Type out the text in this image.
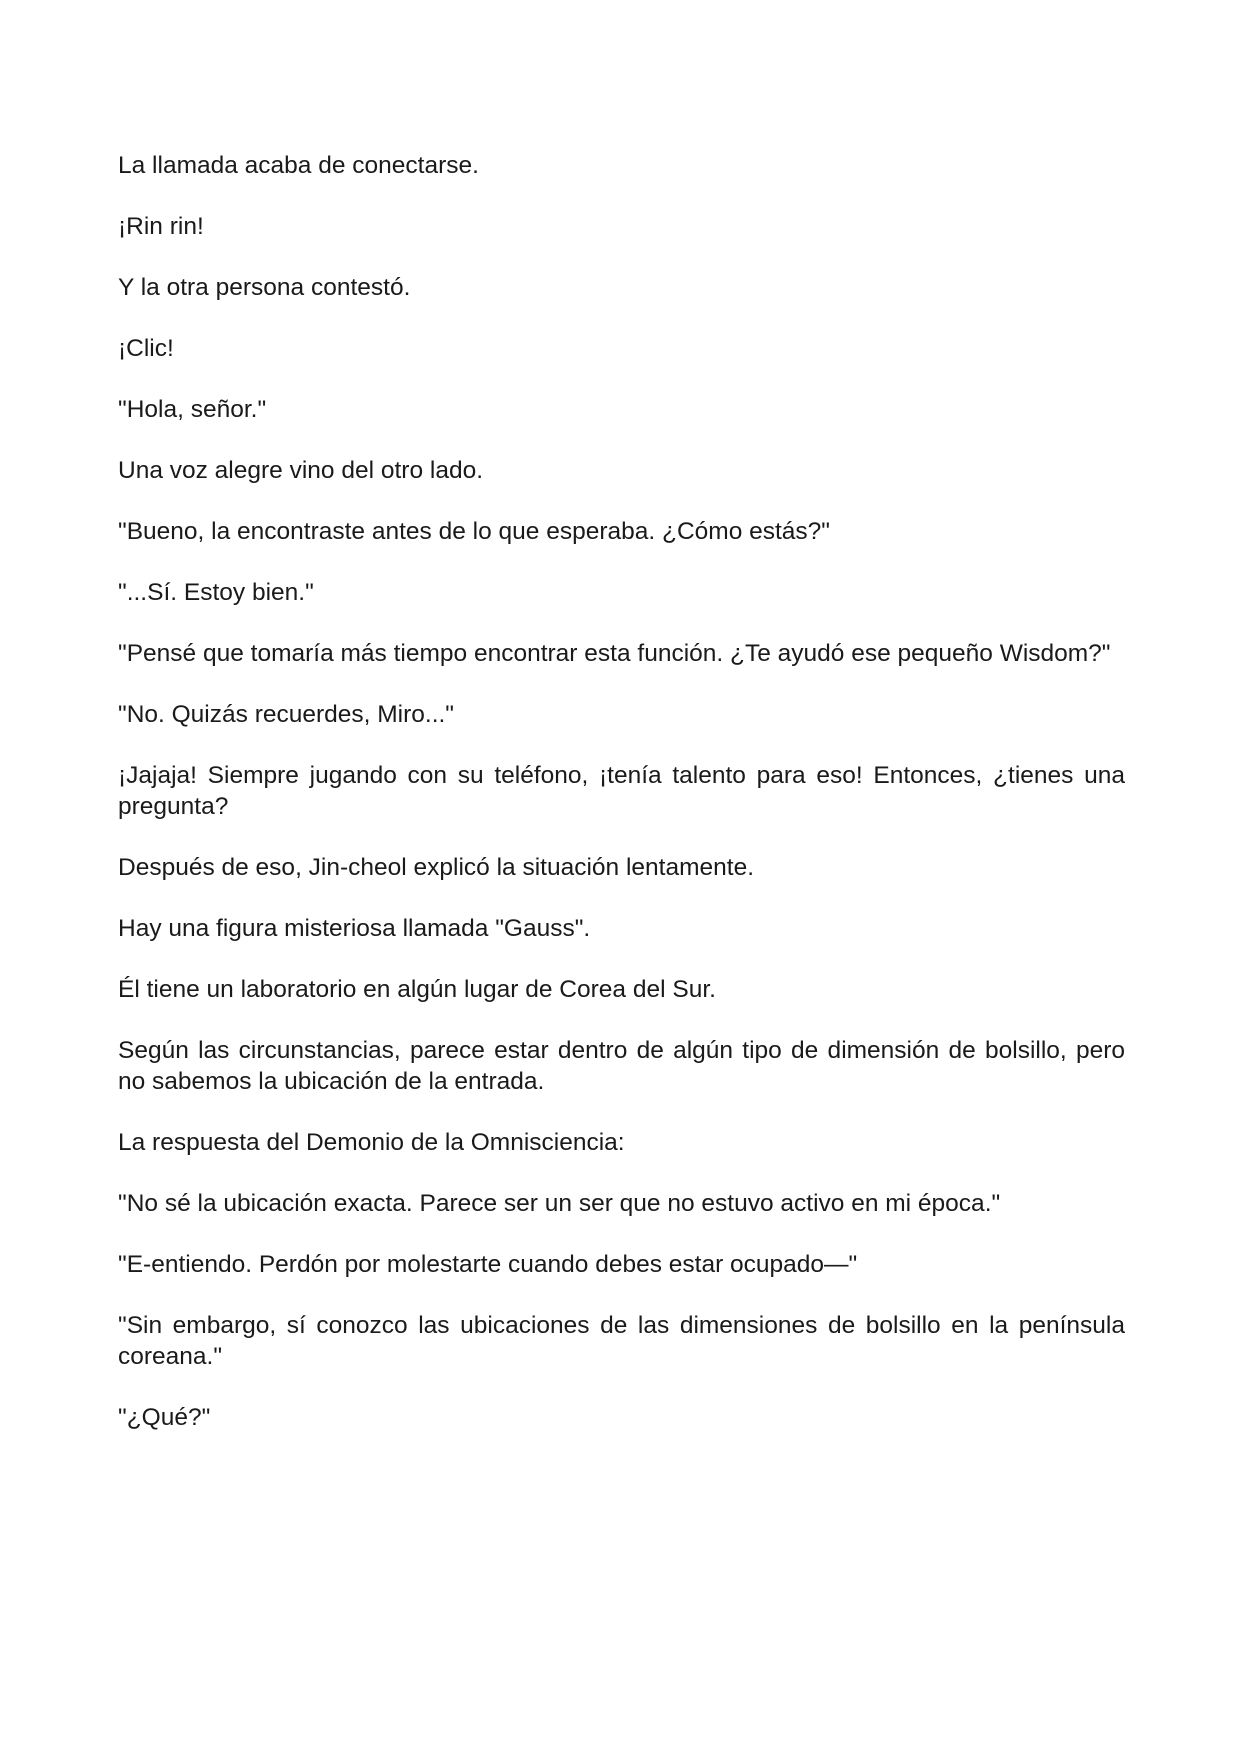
La llamada acaba de conectarse.

¡Rin rin!

Y la otra persona contestó.

¡Clic!

"Hola, señor."

Una voz alegre vino del otro lado.

"Bueno, la encontraste antes de lo que esperaba. ¿Cómo estás?"

"...Sí. Estoy bien."

"Pensé que tomaría más tiempo encontrar esta función. ¿Te ayudó ese pequeño Wisdom?"

"No. Quizás recuerdes, Miro..."

¡Jajaja! Siempre jugando con su teléfono, ¡tenía talento para eso! Entonces, ¿tienes una pregunta?

Después de eso, Jin-cheol explicó la situación lentamente.

Hay una figura misteriosa llamada "Gauss".

Él tiene un laboratorio en algún lugar de Corea del Sur.

Según las circunstancias, parece estar dentro de algún tipo de dimensión de bolsillo, pero no sabemos la ubicación de la entrada.

La respuesta del Demonio de la Omnisciencia:

"No sé la ubicación exacta. Parece ser un ser que no estuvo activo en mi época."

"E-entiendo. Perdón por molestarte cuando debes estar ocupado—"

"Sin embargo, sí conozco las ubicaciones de las dimensiones de bolsillo en la península coreana."

"¿Qué?"
